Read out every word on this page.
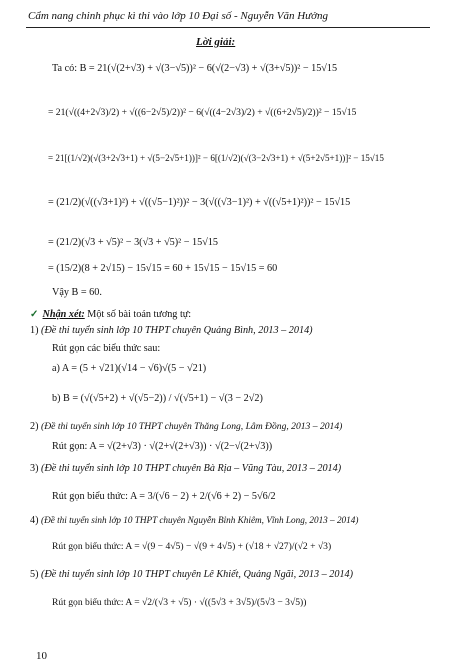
Cẩm nang chinh phục kì thi vào lớp 10 Đại số - Nguyễn Văn Hưởng
Lời giải:
Ta có: B = 21(√(2+√3) + √(3−√5))² − 6(√(2−√3) + √(3+√5))² − 15√15
= 21(√((4+2√3)/2) + √((6−2√5)/2))² − 6(√((4−2√3)/2) + √((6+2√5)/2))² − 15√15
= 21[(1/√2)(√(3+2√3+1) + √(5−2√5+1))]² − 6[(1/√2)(√(3−2√3+1) + √(5+2√5+1))]² − 15√15
= (21/2)(√((√3+1)²) + √((√5−1)²))² − 3(√((√3−1)²) + √((√5+1)²))² − 15√15
= (21/2)(√3 + √5)² − 3(√3 + √5)² − 15√15
= (15/2)(8 + 2√15) − 15√15 = 60 + 15√15 − 15√15 = 60
Vậy B = 60.
✓ Nhận xét: Một số bài toán tương tự:
1) (Đề thi tuyển sinh lớp 10 THPT chuyên Quảng Bình, 2013 – 2014)
Rút gọn các biểu thức sau:
a) A = (5 + √21)(√14 − √6)√(5 − √21)
b) B = (√(√5+2) + √(√5−2)) / √(√5+1) − √(3 − 2√2)
2) (Đề thi tuyển sinh lớp 10 THPT chuyên Thăng Long, Lâm Đồng, 2013 – 2014)
Rút gọn: A = √(2+√3) · √(2+√(2+√3)) · √(2−√(2+√3))
3) (Đề thi tuyển sinh lớp 10 THPT chuyên Bà Rịa – Vũng Tàu, 2013 – 2014)
Rút gọn biểu thức: A = 3/(√6 − 2) + 2/(√6 + 2) − 5√6/2
4) (Đề thi tuyển sinh lớp 10 THPT chuyên Nguyễn Bỉnh Khiêm, Vĩnh Long, 2013 – 2014)
Rút gọn biểu thức: A = √(9 − 4√5) − √(9 + 4√5) + (√18 + √27)/(√2 + √3)
5) (Đề thi tuyển sinh lớp 10 THPT chuyên Lê Khiết, Quảng Ngãi, 2013 – 2014)
Rút gọn biểu thức: A = √2/(√3 + √5) · √((5√3 + 3√5)/(5√3 − 3√5))
10
